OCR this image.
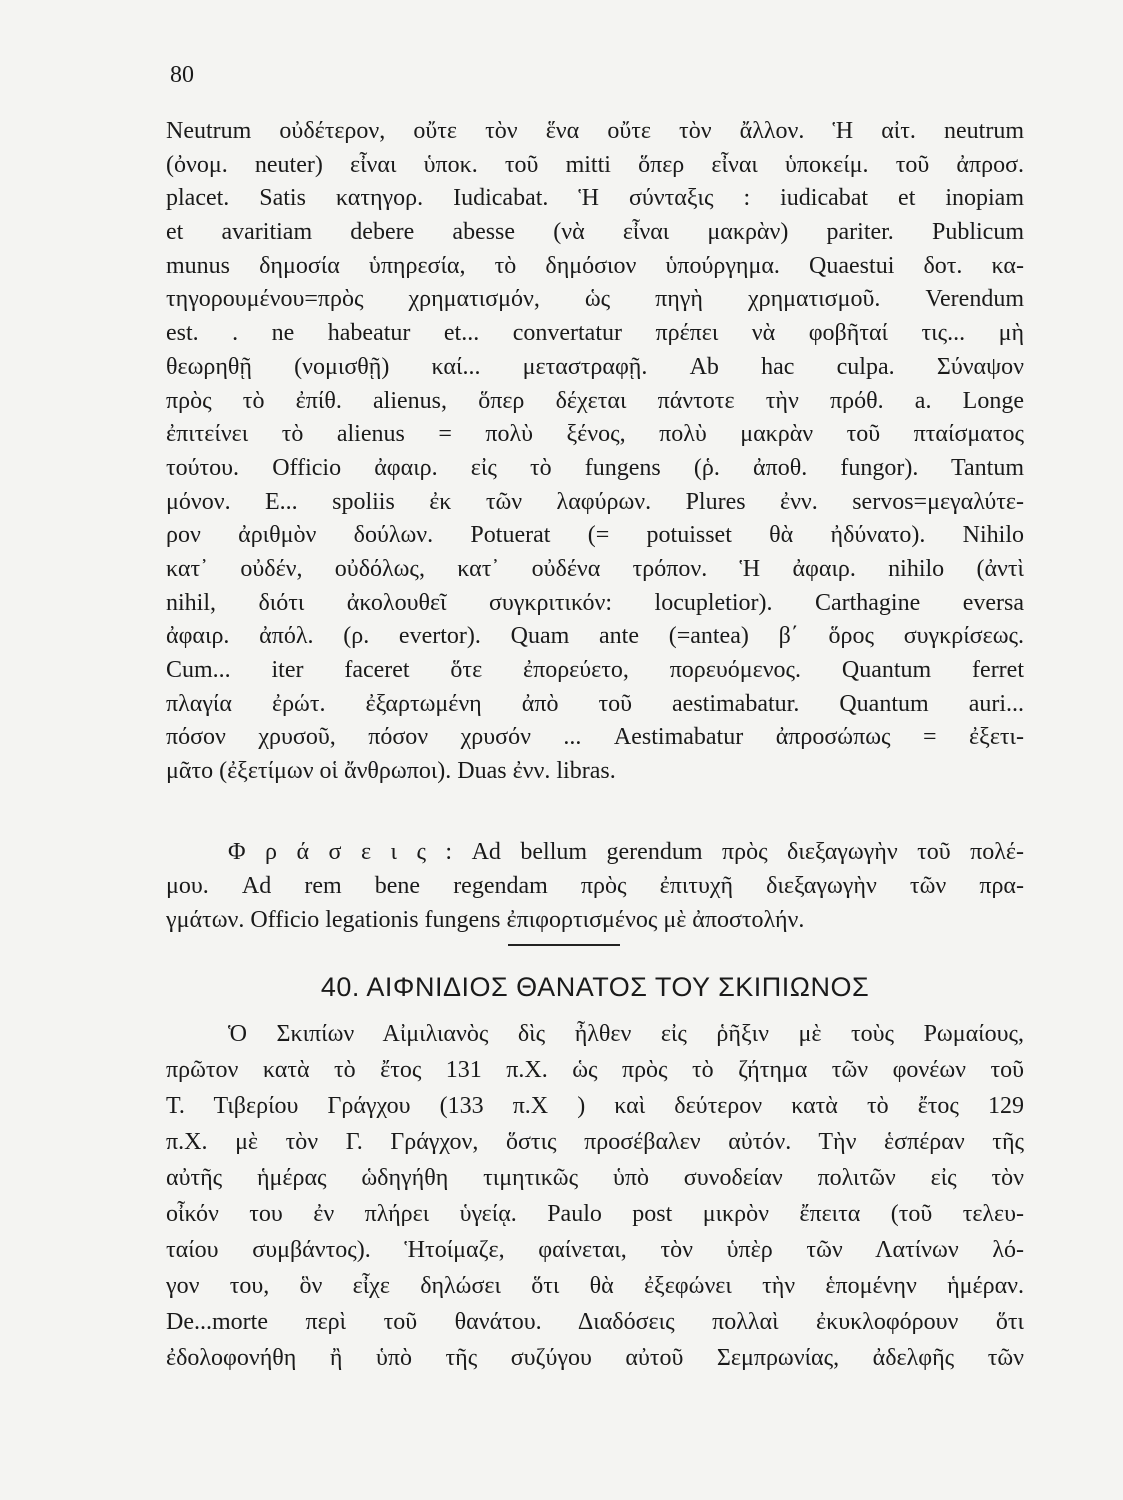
80
Neutrum οὐδέτερον, οὔτε τὸν ἕνα οὔτε τὸν ἄλλον. Ἡ αἰτ. neutrum
(ὀνομ. neuter) εἶναι ὑποκ. τοῦ mitti ὅπερ εἶναι ὑποκείμ. τοῦ ἀπροσ.
placet. Satis κατηγορ. Iudicabat. Ἡ σύνταξις : iudicabat et inopiam
et avaritiam debere abesse (νὰ εἶναι μακρὰν) pariter. Publicum
munus δημοσία ὑπηρεσία, τὸ δημόσιον ὑπούργημα. Quaestui δοτ. κα-
τηγορουμένου=πρὸς χρηματισμόν, ὡς πηγὴ χρηματισμοῦ. Verendum
est. . ne habeatur et... convertatur πρέπει νὰ φοβῆταί τις... μὴ
θεωρηθῇ (νομισθῇ) καί... μεταστραφῇ. Ab hac culpa. Σύναψον
πρὸς τὸ ἐπίθ. alienus, ὅπερ δέχεται πάντοτε τὴν πρόθ. a. Longe
ἐπιτείνει τὸ alienus = πολὺ ξένος, πολὺ μακρὰν τοῦ πταίσματος
τούτου. Officio ἀφαιρ. εἰς τὸ fungens (ῥ. ἀποθ. fungor). Tantum
μόνον. E... spoliis ἐκ τῶν λαφύρων. Plures ἐνν. servos=μεγαλύτε-
ρον ἀριθμὸν δούλων. Potuerat (= potuisset θὰ ἠδύνατο). Nihilo
κατ᾽ οὐδέν, οὐδόλως, κατ᾽ οὐδένα τρόπον. Ἡ ἀφαιρ. nihilo (ἀντὶ
nihil, διότι ἀκολουθεῖ συγκριτικόν: locupletior). Carthagine eversa
ἀφαιρ. ἀπόλ. (ρ. evertor). Quam ante (=antea) β΄ ὅρος συγκρίσεως.
Cum... iter faceret ὅτε ἐπορεύετο, πορευόμενος. Quantum ferret
πλαγία ἐρώτ. ἐξαρτωμένη ἀπὸ τοῦ aestimabatur. Quantum auri...
πόσον χρυσοῦ, πόσον χρυσόν ... Aestimabatur ἀπροσώπως = ἐξετι-
μᾶτο (ἐξετίμων οἱ ἄνθρωποι). Duas ἐνν. libras.
Φ ρ ά σ ε ι ς : Ad bellum gerendum πρὸς διεξαγωγὴν τοῦ πολέ-
μου. Ad rem bene regendam πρὸς ἐπιτυχῆ διεξαγωγὴν τῶν πρα-
γμάτων. Officio legationis fungens ἐπιφορτισμένος μὲ ἀποστολήν.
40. ΑΙΦΝΙΔΙΟΣ ΘΑΝΑΤΟΣ ΤΟΥ ΣΚΙΠΙΩΝΟΣ
Ὁ Σκιπίων Αἰμιλιανὸς δὶς ἦλθεν εἰς ῥῆξιν μὲ τοὺς Ρωμαίους,
πρῶτον κατὰ τὸ ἔτος 131 π.Χ. ὡς πρὸς τὸ ζήτημα τῶν φονέων τοῦ
Τ. Τιβερίου Γράγχου (133 π.Χ ) καὶ δεύτερον κατὰ τὸ ἔτος 129
π.Χ. μὲ τὸν Γ. Γράγχον, ὅστις προσέβαλεν αὐτόν. Τὴν ἑσπέραν τῆς
αὐτῆς ἡμέρας ὡδηγήθη τιμητικῶς ὑπὸ συνοδείαν πολιτῶν εἰς τὸν
οἶκόν του ἐν πλήρει ὑγείᾳ. Paulo post μικρὸν ἔπειτα (τοῦ τελευ-
ταίου συμβάντος). Ἡτοίμαζε, φαίνεται, τὸν ὑπὲρ τῶν Λατίνων λό-
γον του, ὃν εἶχε δηλώσει ὅτι θὰ ἐξεφώνει τὴν ἑπομένην ἡμέραν.
De...morte περὶ τοῦ θανάτου. Διαδόσεις πολλαὶ ἐκυκλοφόρουν ὅτι
ἐδολοφονήθη ἢ ὑπὸ τῆς συζύγου αὐτοῦ Σεμπρωνίας, ἀδελφῆς τῶν
